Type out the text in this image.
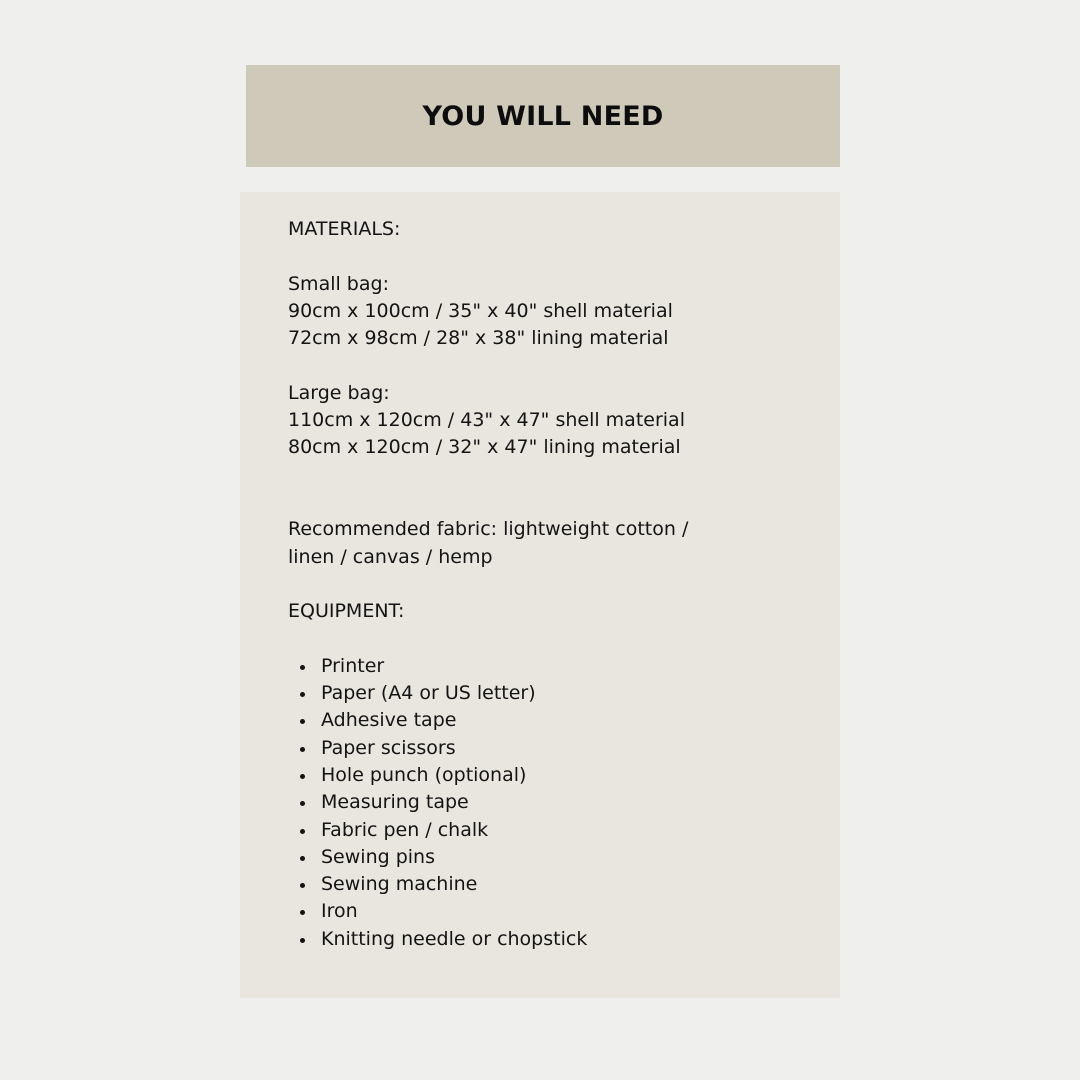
YOU WILL NEED
MATERIALS:
Small bag:
90cm x 100cm / 35" x 40" shell material
72cm x 98cm / 28" x 38" lining material
Large bag:
110cm x 120cm / 43" x 47" shell material
80cm x 120cm / 32" x 47" lining material
Recommended fabric: lightweight cotton /
linen / canvas / hemp
EQUIPMENT:
Printer
Paper (A4 or US letter)
Adhesive tape
Paper scissors
Hole punch (optional)
Measuring tape
Fabric pen / chalk
Sewing pins
Sewing machine
Iron
Knitting needle or chopstick
